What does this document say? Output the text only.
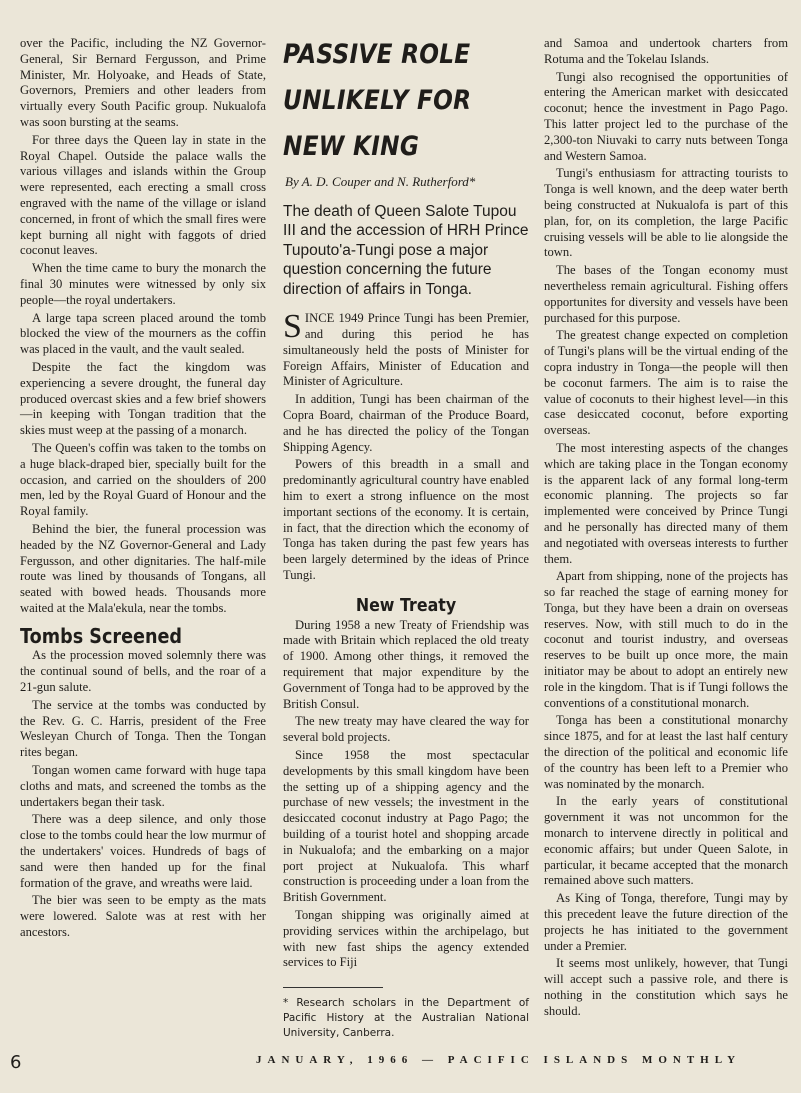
over the Pacific, including the NZ Governor-General, Sir Bernard Fergusson, and Prime Minister, Mr. Holyoake, and Heads of State, Governors, Premiers and other leaders from virtually every South Pacific group. Nukualofa was soon bursting at the seams.

For three days the Queen lay in state in the Royal Chapel. Outside the palace walls the various villages and islands within the Group were represented, each erecting a small cross engraved with the name of the village or island concerned, in front of which the small fires were kept burning all night with faggots of dried coconut leaves.

When the time came to bury the monarch the final 30 minutes were witnessed by only six people—the royal undertakers.

A large tapa screen placed around the tomb blocked the view of the mourners as the coffin was placed in the vault, and the vault sealed.

Despite the fact the kingdom was experiencing a severe drought, the funeral day produced overcast skies and a few brief showers—in keeping with Tongan tradition that the skies must weep at the passing of a monarch.

The Queen's coffin was taken to the tombs on a huge black-draped bier, specially built for the occasion, and carried on the shoulders of 200 men, led by the Royal Guard of Honour and the Royal family.

Behind the bier, the funeral procession was headed by the NZ Governor-General and Lady Fergusson, and other dignitaries. The half-mile route was lined by thousands of Tongans, all seated with bowed heads. Thousands more waited at the Mala'ekula, near the tombs.

Tombs Screened

As the procession moved solemnly there was the continual sound of bells, and the roar of a 21-gun salute.

The service at the tombs was conducted by the Rev. G. C. Harris, president of the Free Wesleyan Church of Tonga. Then the Tongan rites began.

Tongan women came forward with huge tapa cloths and mats, and screened the tombs as the undertakers began their task.

There was a deep silence, and only those close to the tombs could hear the low murmur of the undertakers' voices. Hundreds of bags of sand were then handed up for the final formation of the grave, and wreaths were laid.

The bier was seen to be empty as the mats were lowered. Salote was at rest with her ancestors.

PASSIVE ROLE
UNLIKELY FOR
NEW KING
By A. D. Couper and N. Rutherford*
The death of Queen Salote Tupou III and the accession of HRH Prince Tupouto'a-Tungi pose a major question concerning the future direction of affairs in Tonga.

SINCE 1949 Prince Tungi has been Premier, and during this period he has simultaneously held the posts of Minister for Foreign Affairs, Minister of Education and Minister of Agriculture.

In addition, Tungi has been chairman of the Copra Board, chairman of the Produce Board, and he has directed the policy of the Tongan Shipping Agency.

Powers of this breadth in a small and predominantly agricultural country have enabled him to exert a strong influence on the most important sections of the economy. It is certain, in fact, that the direction which the economy of Tonga has taken during the past few years has been largely determined by the ideas of Prince Tungi.

New Treaty

During 1958 a new Treaty of Friendship was made with Britain which replaced the old treaty of 1900. Among other things, it removed the requirement that major expenditure by the Government of Tonga had to be approved by the British Consul.

The new treaty may have cleared the way for several bold projects.

Since 1958 the most spectacular developments by this small kingdom have been the setting up of a shipping agency and the purchase of new vessels; the investment in the desiccated coconut industry at Pago Pago; the building of a tourist hotel and shopping arcade in Nukualofa; and the embarking on a major port project at Nukualofa. This wharf construction is proceeding under a loan from the British Government.

Tongan shipping was originally aimed at providing services within the archipelago, but with new fast ships the agency extended services to Fiji

* Research scholars in the Department of Pacific History at the Australian National University, Canberra.

and Samoa and undertook charters from Rotuma and the Tokelau Islands.

Tungi also recognised the opportunities of entering the American market with desiccated coconut; hence the investment in Pago Pago. This latter project led to the purchase of the 2,300-ton Niuvaki to carry nuts between Tonga and Western Samoa.

Tungi's enthusiasm for attracting tourists to Tonga is well known, and the deep water berth being constructed at Nukualofa is part of this plan, for, on its completion, the large Pacific cruising vessels will be able to lie alongside the town.

The bases of the Tongan economy must nevertheless remain agricultural. Fishing offers opportunites for diversity and vessels have been purchased for this purpose.

The greatest change expected on completion of Tungi's plans will be the virtual ending of the copra industry in Tonga—the people will then be coconut farmers. The aim is to raise the value of coconuts to their highest level—in this case desiccated coconut, before exporting overseas.

The most interesting aspects of the changes which are taking place in the Tongan economy is the apparent lack of any formal long-term economic planning. The projects so far implemented were conceived by Prince Tungi and he personally has directed many of them and negotiated with overseas interests to further them.

Apart from shipping, none of the projects has so far reached the stage of earning money for Tonga, but they have been a drain on overseas reserves. Now, with still much to do in the coconut and tourist industry, and overseas reserves to be built up once more, the main initiator may be about to adopt an entirely new role in the kingdom. That is if Tungi follows the conventions of a constitutional monarch.

Tonga has been a constitutional monarchy since 1875, and for at least the last half century the direction of the political and economic life of the country has been left to a Premier who was nominated by the monarch.

In the early years of constitutional government it was not uncommon for the monarch to intervene directly in political and economic affairs; but under Queen Salote, in particular, it became accepted that the monarch remained above such matters.

As King of Tonga, therefore, Tungi may by this precedent leave the future direction of the projects he has initiated to the government under a Premier.

It seems most unlikely, however, that Tungi will accept such a passive role, and there is nothing in the constitution which says he should.

6	JANUARY, 1966 — PACIFIC ISLANDS MONTHLY
